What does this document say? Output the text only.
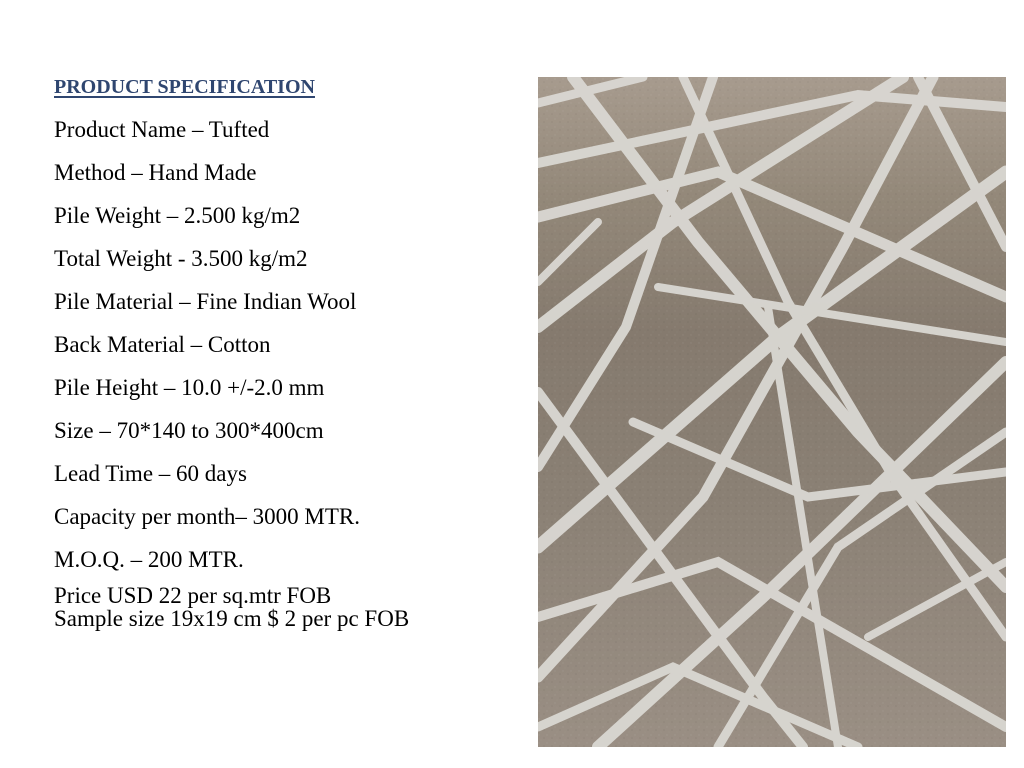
PRODUCT SPECIFICATION
Product Name – Tufted
Method – Hand Made
Pile Weight – 2.500 kg/m2
Total Weight - 3.500 kg/m2
Pile Material – Fine Indian Wool
Back Material – Cotton
Pile Height – 10.0 +/-2.0 mm
Size – 70*140 to 300*400cm
Lead Time – 60 days
Capacity per month– 3000 MTR.
M.O.Q. – 200 MTR.
Price USD 22 per sq.mtr FOB
Sample size 19x19 cm $ 2 per pc FOB
